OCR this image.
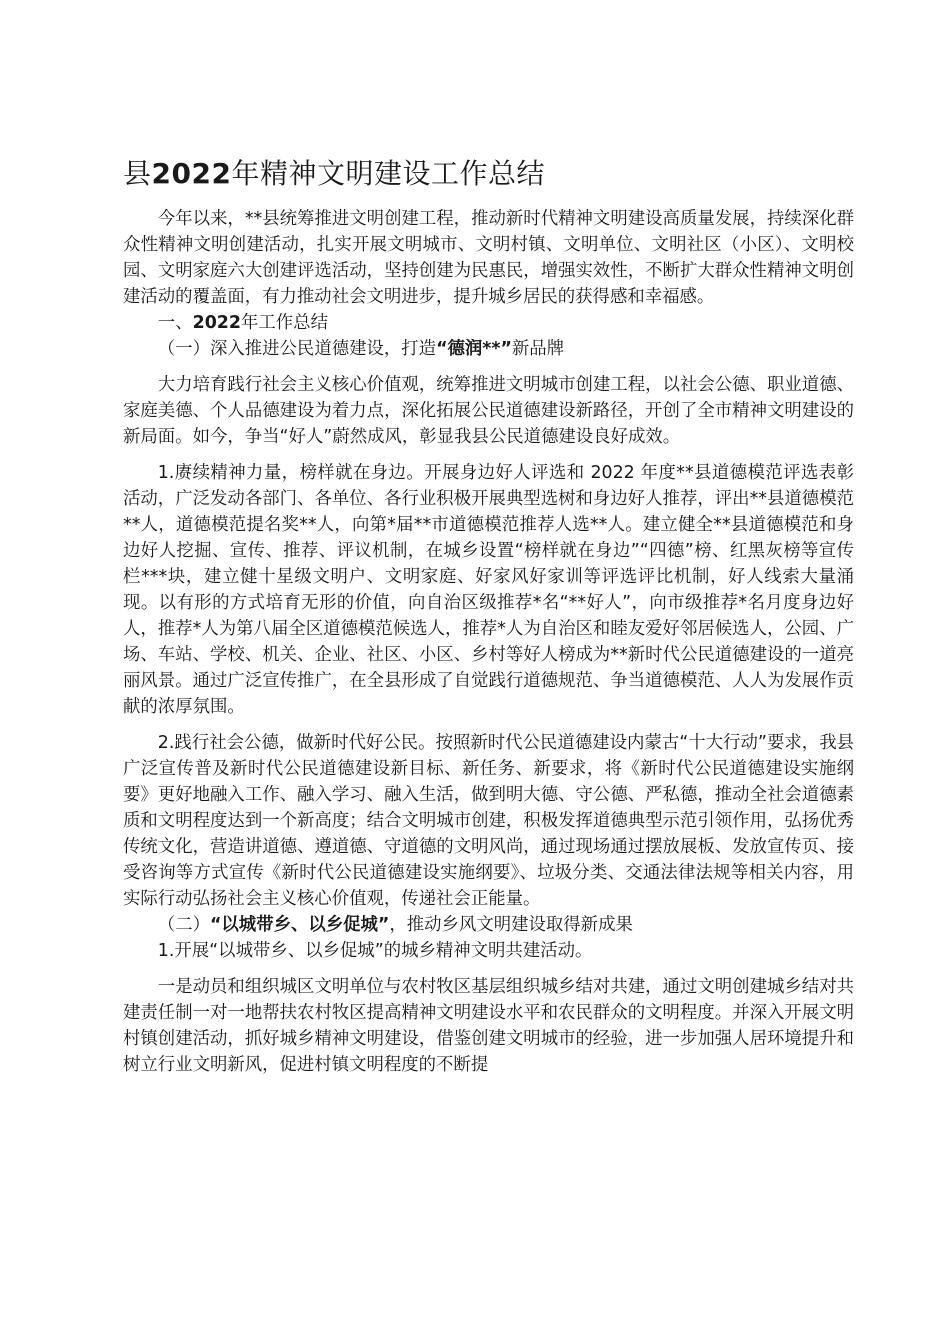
县2022年精神文明建设工作总结

今年以来，**县统筹推进文明创建工程，推动新时代精神文明建设高质量发展，持续深化群众性精神文明创建活动，扎实开展文明城市、文明村镇、文明单位、文明社区（小区）、文明校园、文明家庭六大创建评选活动，坚持创建为民惠民，增强实效性，不断扩大群众性精神文明创建活动的覆盖面，有力推动社会文明进步，提升城乡居民的获得感和幸福感。

一、2022年工作总结

（一）深入推进公民道德建设，打造“德润**”新品牌

大力培育践行社会主义核心价值观，统筹推进文明城市创建工程，以社会公德、职业道德、家庭美德、个人品德建设为着力点，深化拓展公民道德建设新路径，开创了全市精神文明建设的新局面。如今，争当“好人”蔚然成风，彰显我县公民道德建设良好成效。

1.赓续精神力量，榜样就在身边。开展身边好人评选和 2022 年度**县道德模范评选表彰活动，广泛发动各部门、各单位、各行业积极开展典型选树和身边好人推荐，评出**县道德模范**人，道德模范提名奖**人，向第*届**市道德模范推荐人选**人。建立健全**县道德模范和身边好人挖掘、宣传、推荐、评议机制，在城乡设置“榜样就在身边”“四德”榜、红黑灰榜等宣传栏***块，建立健十星级文明户、文明家庭、好家风好家训等评选评比机制，好人线索大量涌现。以有形的方式培育无形的价值，向自治区级推荐*名“**好人”，向市级推荐*名月度身边好人，推荐*人为第八届全区道德模范候选人，推荐*人为自治区和睦友爱好邻居候选人，公园、广场、车站、学校、机关、企业、社区、小区、乡村等好人榜成为**新时代公民道德建设的一道亮丽风景。通过广泛宣传推广，在全县形成了自觉践行道德规范、争当道德模范、人人为发展作贡献的浓厚氛围。

2.践行社会公德，做新时代好公民。按照新时代公民道德建设内蒙古“十大行动”要求，我县广泛宣传普及新时代公民道德建设新目标、新任务、新要求，将《新时代公民道德建设实施纲要》更好地融入工作、融入学习、融入生活，做到明大德、守公德、严私德，推动全社会道德素质和文明程度达到一个新高度；结合文明城市创建，积极发挥道德典型示范引领作用，弘扬优秀传统文化，营造讲道德、遵道德、守道德的文明风尚，通过现场通过摆放展板、发放宣传页、接受咨询等方式宣传《新时代公民道德建设实施纲要》、垃圾分类、交通法律法规等相关内容，用实际行动弘扬社会主义核心价值观，传递社会正能量。

（二）“以城带乡、以乡促城”，推动乡风文明建设取得新成果

1.开展“以城带乡、以乡促城”的城乡精神文明共建活动。

一是动员和组织城区文明单位与农村牧区基层组织城乡结对共建，通过文明创建城乡结对共建责任制一对一地帮扶农村牧区提高精神文明建设水平和农民群众的文明程度。并深入开展文明村镇创建活动，抓好城乡精神文明建设，借鉴创建文明城市的经验，进一步加强人居环境提升和树立行业文明新风，促进村镇文明程度的不断提
